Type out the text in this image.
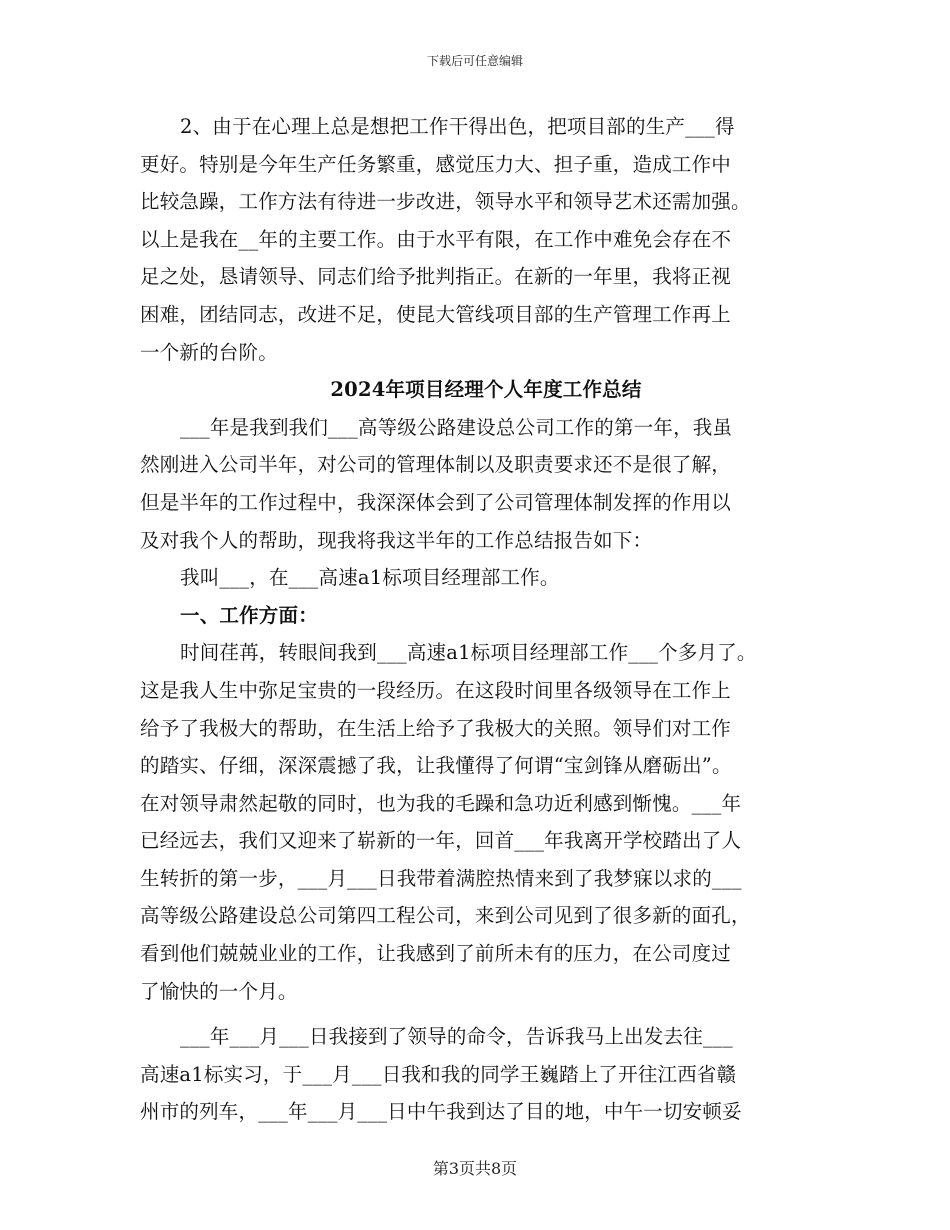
下载后可任意编辑
2、由于在心理上总是想把工作干得出色，把项目部的生产___得
更好。特别是今年生产任务繁重，感觉压力大、担子重，造成工作中
比较急躁，工作方法有待进一步改进，领导水平和领导艺术还需加强。
以上是我在__年的主要工作。由于水平有限，在工作中难免会存在不
足之处，恳请领导、同志们给予批判指正。在新的一年里，我将正视
困难，团结同志，改进不足，使昆大管线项目部的生产管理工作再上
一个新的台阶。
2024年项目经理个人年度工作总结
___年是我到我们___高等级公路建设总公司工作的第一年，我虽
然刚进入公司半年，对公司的管理体制以及职责要求还不是很了解，
但是半年的工作过程中，我深深体会到了公司管理体制发挥的作用以
及对我个人的帮助，现我将我这半年的工作总结报告如下：
我叫___，在___高速a1标项目经理部工作。
一、工作方面：
时间荏苒，转眼间我到___高速a1标项目经理部工作___个多月了。
这是我人生中弥足宝贵的一段经历。在这段时间里各级领导在工作上
给予了我极大的帮助，在生活上给予了我极大的关照。领导们对工作
的踏实、仔细，深深震撼了我，让我懂得了何谓“宝剑锋从磨砺出”。
在对领导肃然起敬的同时，也为我的毛躁和急功近利感到惭愧。___年
已经远去，我们又迎来了崭新的一年，回首___年我离开学校踏出了人
生转折的第一步，___月___日我带着满腔热情来到了我梦寐以求的___
高等级公路建设总公司第四工程公司，来到公司见到了很多新的面孔，
看到他们兢兢业业的工作，让我感到了前所未有的压力，在公司度过
了愉快的一个月。
___年___月___日我接到了领导的命令，告诉我马上出发去往___
高速a1标实习，于___月___日我和我的同学王巍踏上了开往江西省赣
州市的列车，___年___月___日中午我到达了目的地，中午一切安顿妥
第3页共8页
